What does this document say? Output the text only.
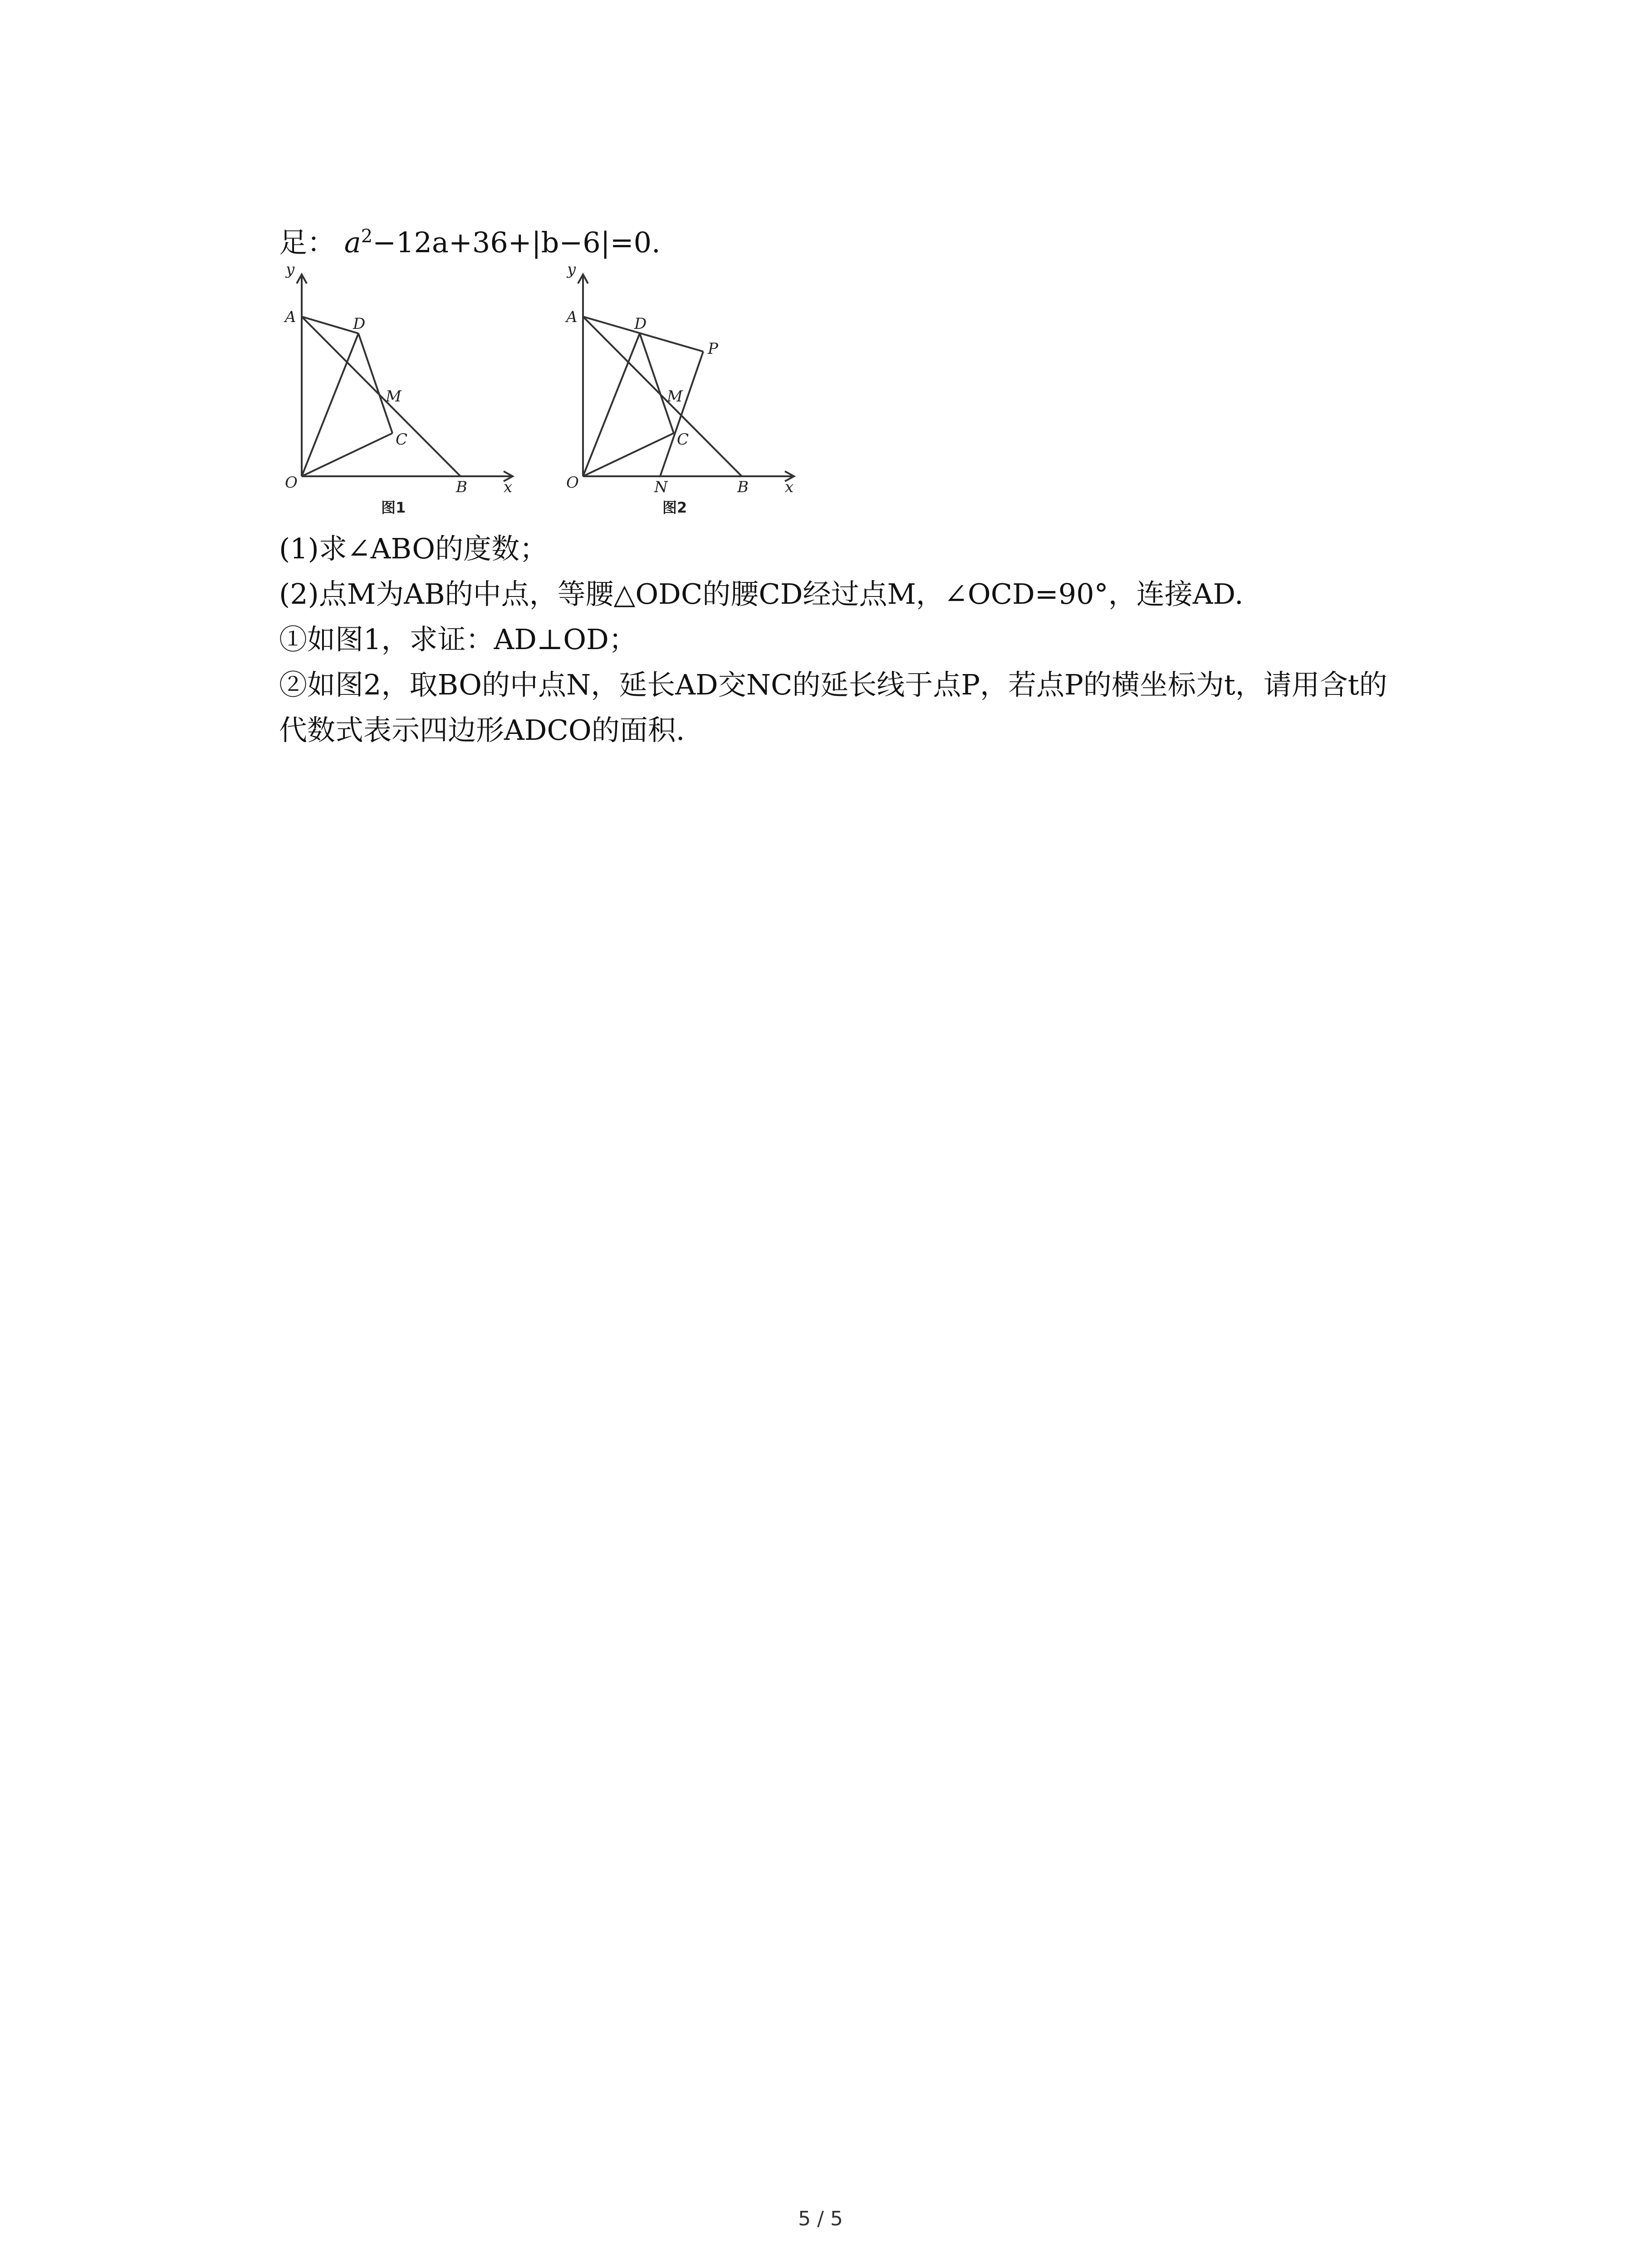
足： $a^2-12a+36+|b-6|=0$.
y
A	D
M
C
O	B x
图1
y
A	D
P
M
C
O	N	B x
图2
(1)求∠ABO的度数；
(2)点M为AB的中点，等腰△ODC的腰CD经过点M，∠OCD=90°，连接AD.
①如图1，求证：AD⊥OD；
②如图2，取BO的中点N，延长AD交NC的延长线于点P，若点P的横坐标为t，请用含t的
代数式表示四边形ADCO的面积.
5 / 5
